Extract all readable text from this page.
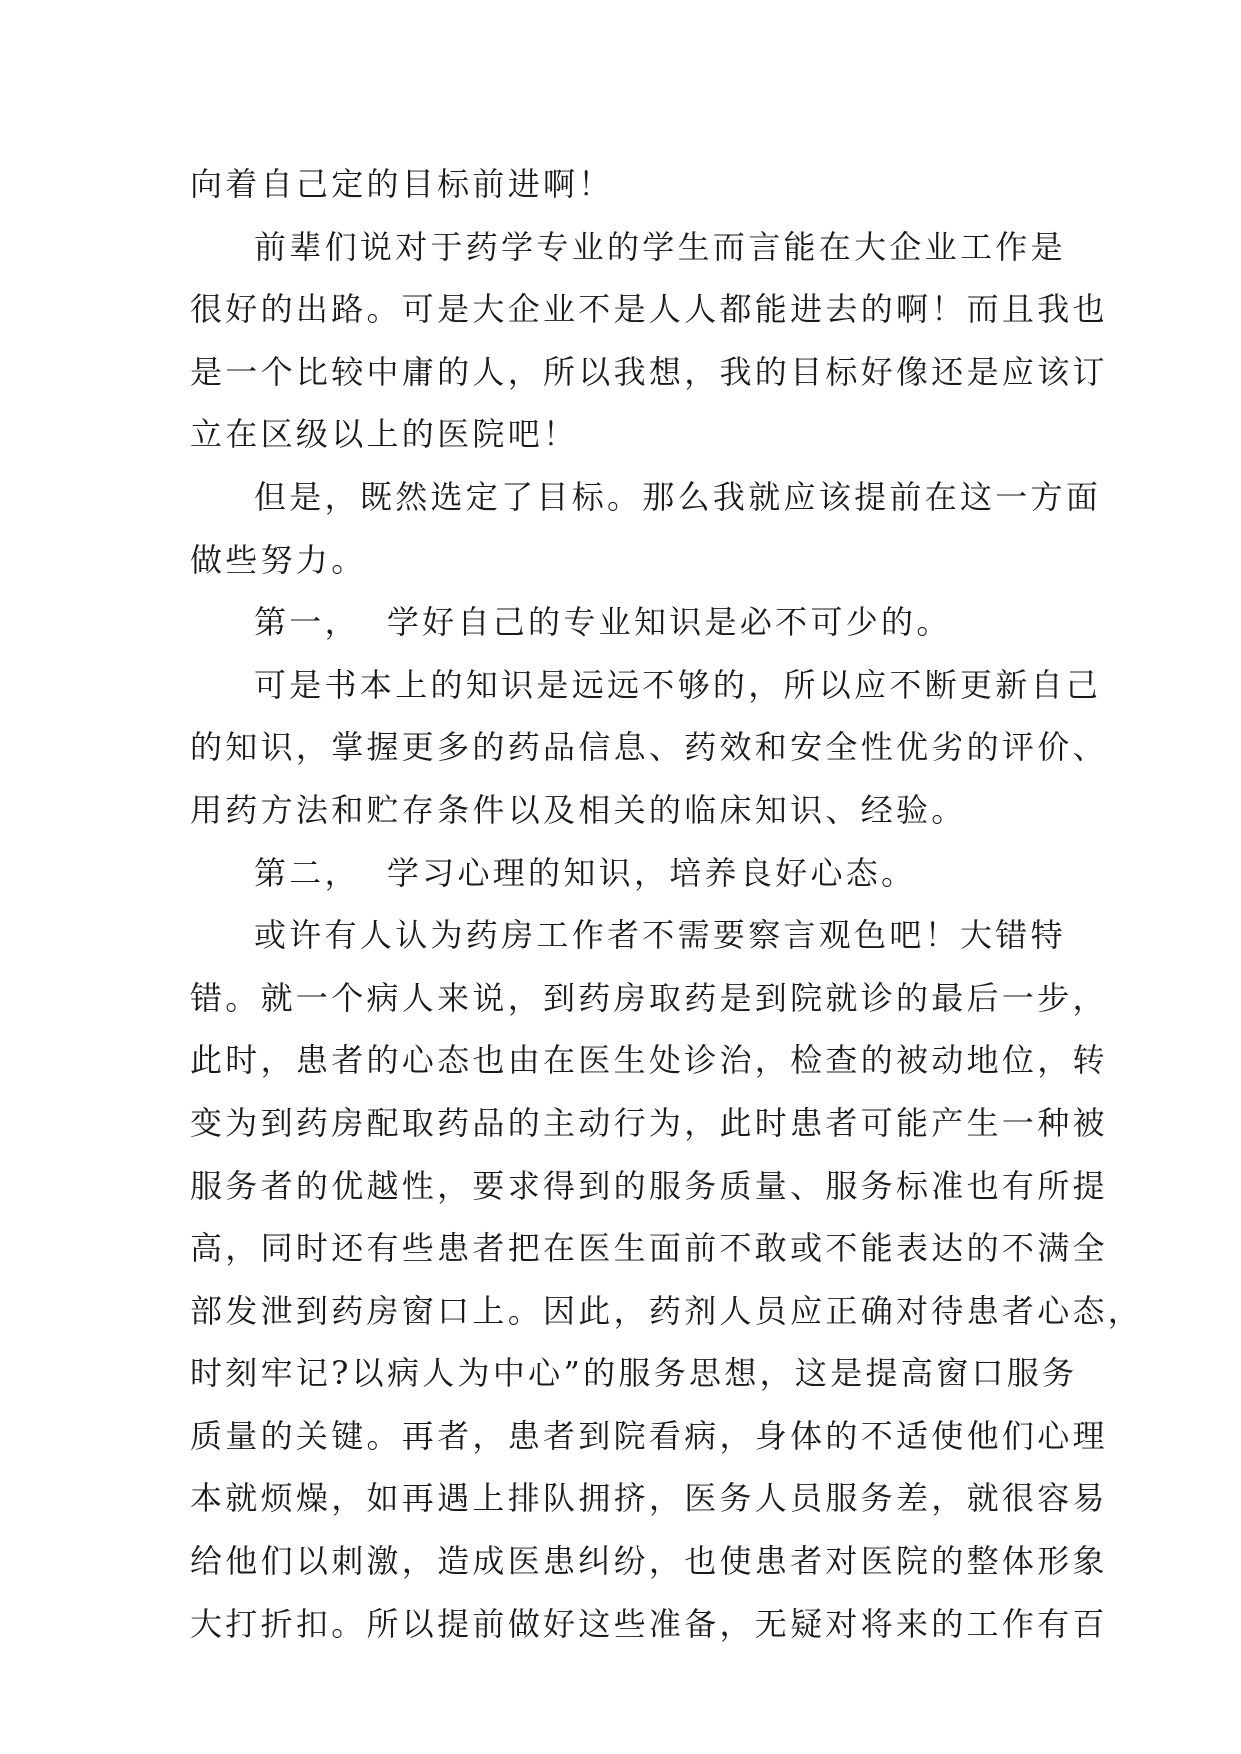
向着自己定的目标前进啊！
前辈们说对于药学专业的学生而言能在大企业工作是
很好的出路。可是大企业不是人人都能进去的啊！而且我也
是一个比较中庸的人，所以我想，我的目标好像还是应该订
立在区级以上的医院吧！
但是，既然选定了目标。那么我就应该提前在这一方面
做些努力。
第一，  学好自己的专业知识是必不可少的。
可是书本上的知识是远远不够的，所以应不断更新自己
的知识，掌握更多的药品信息、药效和安全性优劣的评价、
用药方法和贮存条件以及相关的临床知识、经验。
第二，  学习心理的知识，培养良好心态。
或许有人认为药房工作者不需要察言观色吧！大错特
错。就一个病人来说，到药房取药是到院就诊的最后一步，
此时，患者的心态也由在医生处诊治，检查的被动地位，转
变为到药房配取药品的主动行为，此时患者可能产生一种被
服务者的优越性，要求得到的服务质量、服务标准也有所提
高，同时还有些患者把在医生面前不敢或不能表达的不满全
部发泄到药房窗口上。因此，药剂人员应正确对待患者心态，
时刻牢记?以病人为中心”的服务思想，这是提高窗口服务
质量的关键。再者，患者到院看病，身体的不适使他们心理
本就烦燥，如再遇上排队拥挤，医务人员服务差，就很容易
给他们以刺激，造成医患纠纷，也使患者对医院的整体形象
大打折扣。所以提前做好这些准备，无疑对将来的工作有百
